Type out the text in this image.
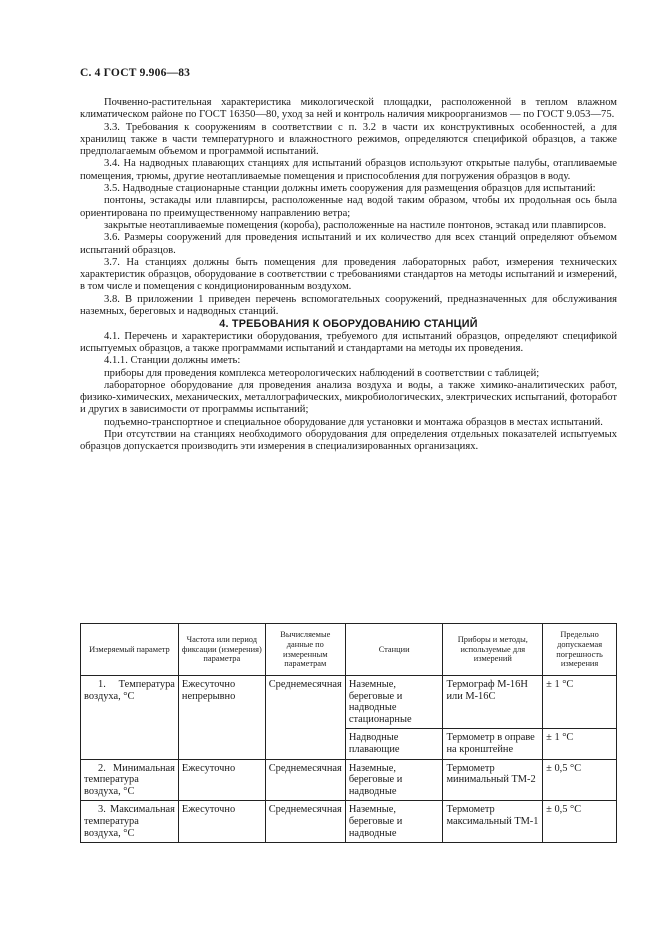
С. 4 ГОСТ 9.906—83

Почвенно-растительная характеристика микологической площадки, расположенной в теплом влажном климатическом районе по ГОСТ 16350—80, уход за ней и контроль наличия микроорганизмов — по ГОСТ 9.053—75.

3.3. Требования к сооружениям в соответствии с п. 3.2 в части их конструктивных особенностей, а для хранилищ также в части температурного и влажностного режимов, определяются спецификой образцов, а также предполагаемым объемом и программой испытаний.

3.4. На надводных плавающих станциях для испытаний образцов используют открытые палубы, отапливаемые помещения, трюмы, другие неотапливаемые помещения и приспособления для погружения образцов в воду.

3.5. Надводные стационарные станции должны иметь сооружения для размещения образцов для испытаний:

понтоны, эстакады или плавпирсы, расположенные над водой таким образом, чтобы их продольная ось была ориентирована по преимущественному направлению ветра;

закрытые неотапливаемые помещения (короба), расположенные на настиле понтонов, эстакад или плавпирсов.

3.6. Размеры сооружений для проведения испытаний и их количество для всех станций определяют объемом испытаний образцов.

3.7. На станциях должны быть помещения для проведения лабораторных работ, измерения технических характеристик образцов, оборудование в соответствии с требованиями стандартов на методы испытаний и измерений, в том числе и помещения с кондиционированным воздухом.

3.8. В приложении 1 приведен перечень вспомогательных сооружений, предназначенных для обслуживания наземных, береговых и надводных станций.

4. ТРЕБОВАНИЯ К ОБОРУДОВАНИЮ СТАНЦИЙ

4.1. Перечень и характеристики оборудования, требуемого для испытаний образцов, определяют спецификой испытуемых образцов, а также программами испытаний и стандартами на методы их проведения.

4.1.1. Станции должны иметь:

приборы для проведения комплекса метеорологических наблюдений в соответствии с таблицей;

лабораторное оборудование для проведения анализа воздуха и воды, а также химико-аналитических работ, физико-химических, механических, металлографических, микробиологических, электрических испытаний, фоторабот и других в зависимости от программы испытаний;

подъемно-транспортное и специальное оборудование для установки и монтажа образцов в местах испытаний.

При отсутствии на станциях необходимого оборудования для определения отдельных показателей испытуемых образцов допускается производить эти измерения в специализированных организациях.

Измеряемый параметр	Частота или период фиксации (измерения) параметра	Вычисляемые данные по измеренным параметрам	Станции	Приборы и методы, используемые для измерений	Предельно допускаемая погрешность измерения
1. Температура воздуха, °С	Ежесуточно непрерывно	Среднемесячная	Наземные, береговые и надводные стационарные	Термограф М-16Н или М-16С	± 1 °С
			Надводные плавающие	Термометр в оправе на кронштейне	± 1 °С
2. Минимальная температура воздуха, °С	Ежесуточно	Среднемесячная	Наземные, береговые и надводные	Термометр минимальный ТМ-2	± 0,5 °С
3. Максимальная температура воздуха, °С	Ежесуточно	Среднемесячная	Наземные, береговые и надводные	Термометр максимальный ТМ-1	± 0,5 °С
